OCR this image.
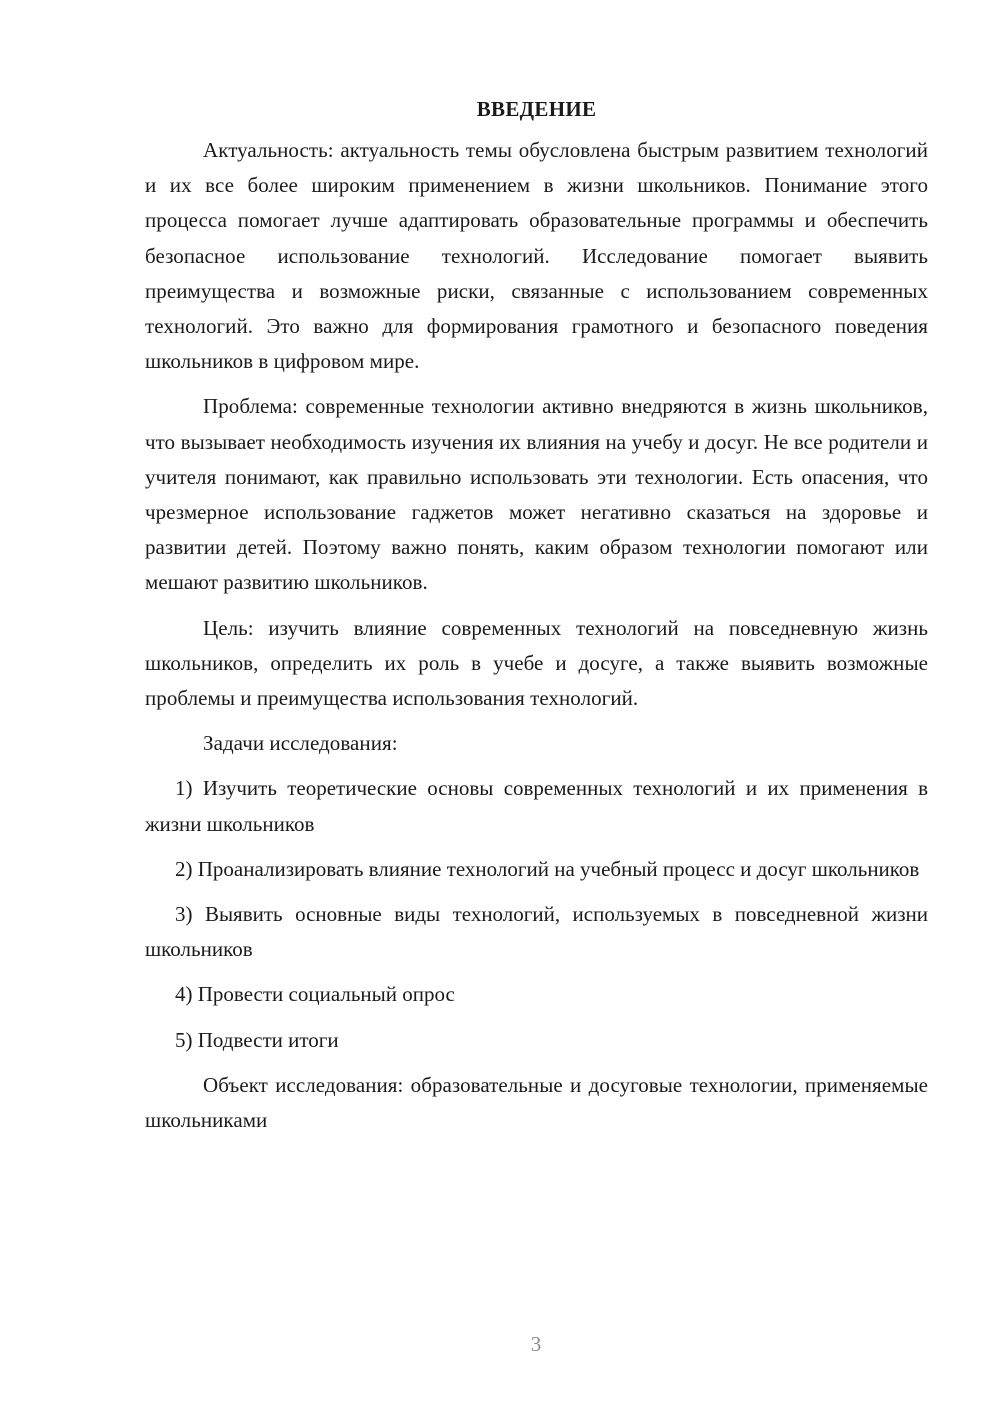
ВВЕДЕНИЕ

Актуальность: актуальность темы обусловлена быстрым развитием технологий и их все более широким применением в жизни школьников. Понимание этого процесса помогает лучше адаптировать образовательные программы и обеспечить безопасное использование технологий. Исследование помогает выявить преимущества и возможные риски, связанные с использованием современных технологий. Это важно для формирования грамотного и безопасного поведения школьников в цифровом мире.

Проблема: современные технологии активно внедряются в жизнь школьников, что вызывает необходимость изучения их влияния на учебу и досуг. Не все родители и учителя понимают, как правильно использовать эти технологии. Есть опасения, что чрезмерное использование гаджетов может негативно сказаться на здоровье и развитии детей. Поэтому важно понять, каким образом технологии помогают или мешают развитию школьников.

Цель: изучить влияние современных технологий на повседневную жизнь школьников, определить их роль в учебе и досуге, а также выявить возможные проблемы и преимущества использования технологий.

Задачи исследования:

1) Изучить теоретические основы современных технологий и их применения в жизни школьников

2) Проанализировать влияние технологий на учебный процесс и досуг школьников

3) Выявить основные виды технологий, используемых в повседневной жизни школьников

4) Провести социальный опрос

5) Подвести итоги

Объект исследования: образовательные и досуговые технологии, применяемые школьниками

3
